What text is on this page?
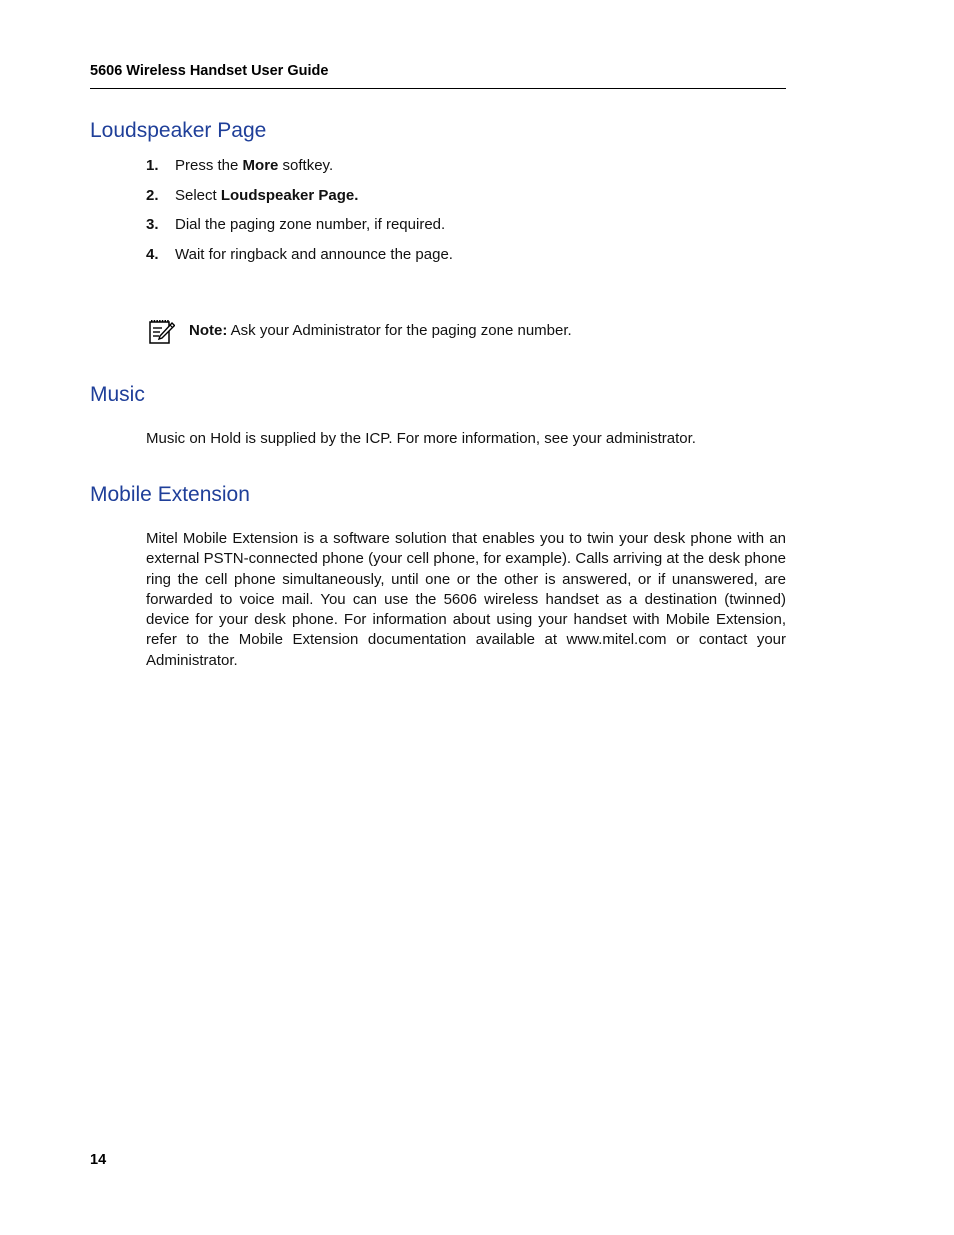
5606 Wireless Handset User Guide
Loudspeaker Page
1.	Press the More softkey.
2.	Select Loudspeaker Page.
3.	Dial the paging zone number, if required.
4.	Wait for ringback and announce the page.
Note: Ask your Administrator for the paging zone number.
Music

Music on Hold is supplied by the ICP. For more information, see your administrator.

Mobile Extension

Mitel Mobile Extension is a software solution that enables you to twin your desk phone with an external PSTN-connected phone (your cell phone, for example). Calls arriving at the desk phone ring the cell phone simultaneously, until one or the other is answered, or if unanswered, are forwarded to voice mail. You can use the 5606 wireless handset as a destination (twinned) device for your desk phone. For information about using your handset with Mobile Extension, refer to the Mobile Extension documentation available at www.mitel.com or contact your Administrator.

14
